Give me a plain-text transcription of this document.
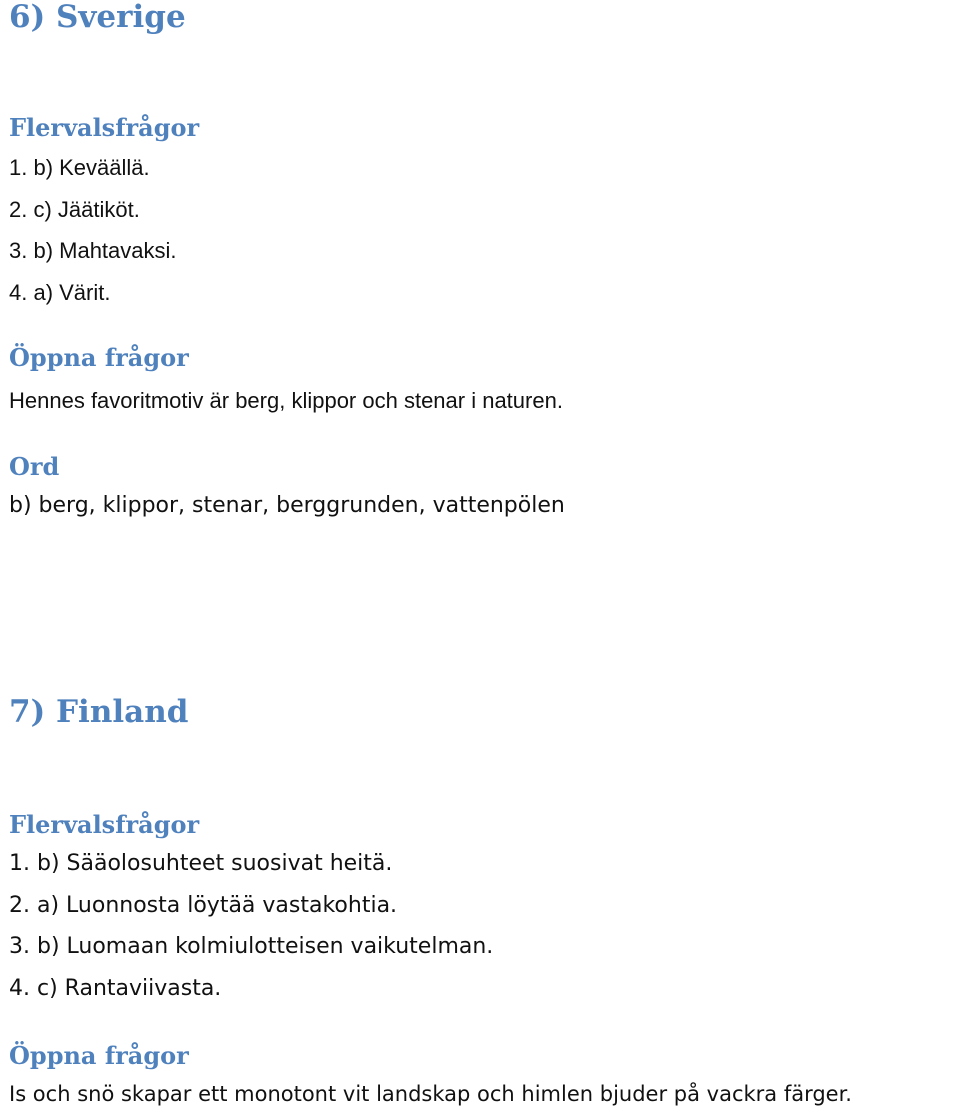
6) Sverige
Flervalsfrågor

1. b) Keväällä.

2. c) Jäätiköt.

3. b) Mahtavaksi.

4. a) Värit.

Öppna frågor

Hennes favoritmotiv är berg, klippor och stenar i naturen.

Ord

b) berg, klippor, stenar, berggrunden, vattenpölen

7) Finland
Flervalsfrågor

1. b) Sääolosuhteet suosivat heitä.

2. a) Luonnosta löytää vastakohtia.

3. b) Luomaan kolmiulotteisen vaikutelman.

4. c) Rantaviivasta.

Öppna frågor

Is och snö skapar ett monotont vit landskap och himlen bjuder på vackra färger.
